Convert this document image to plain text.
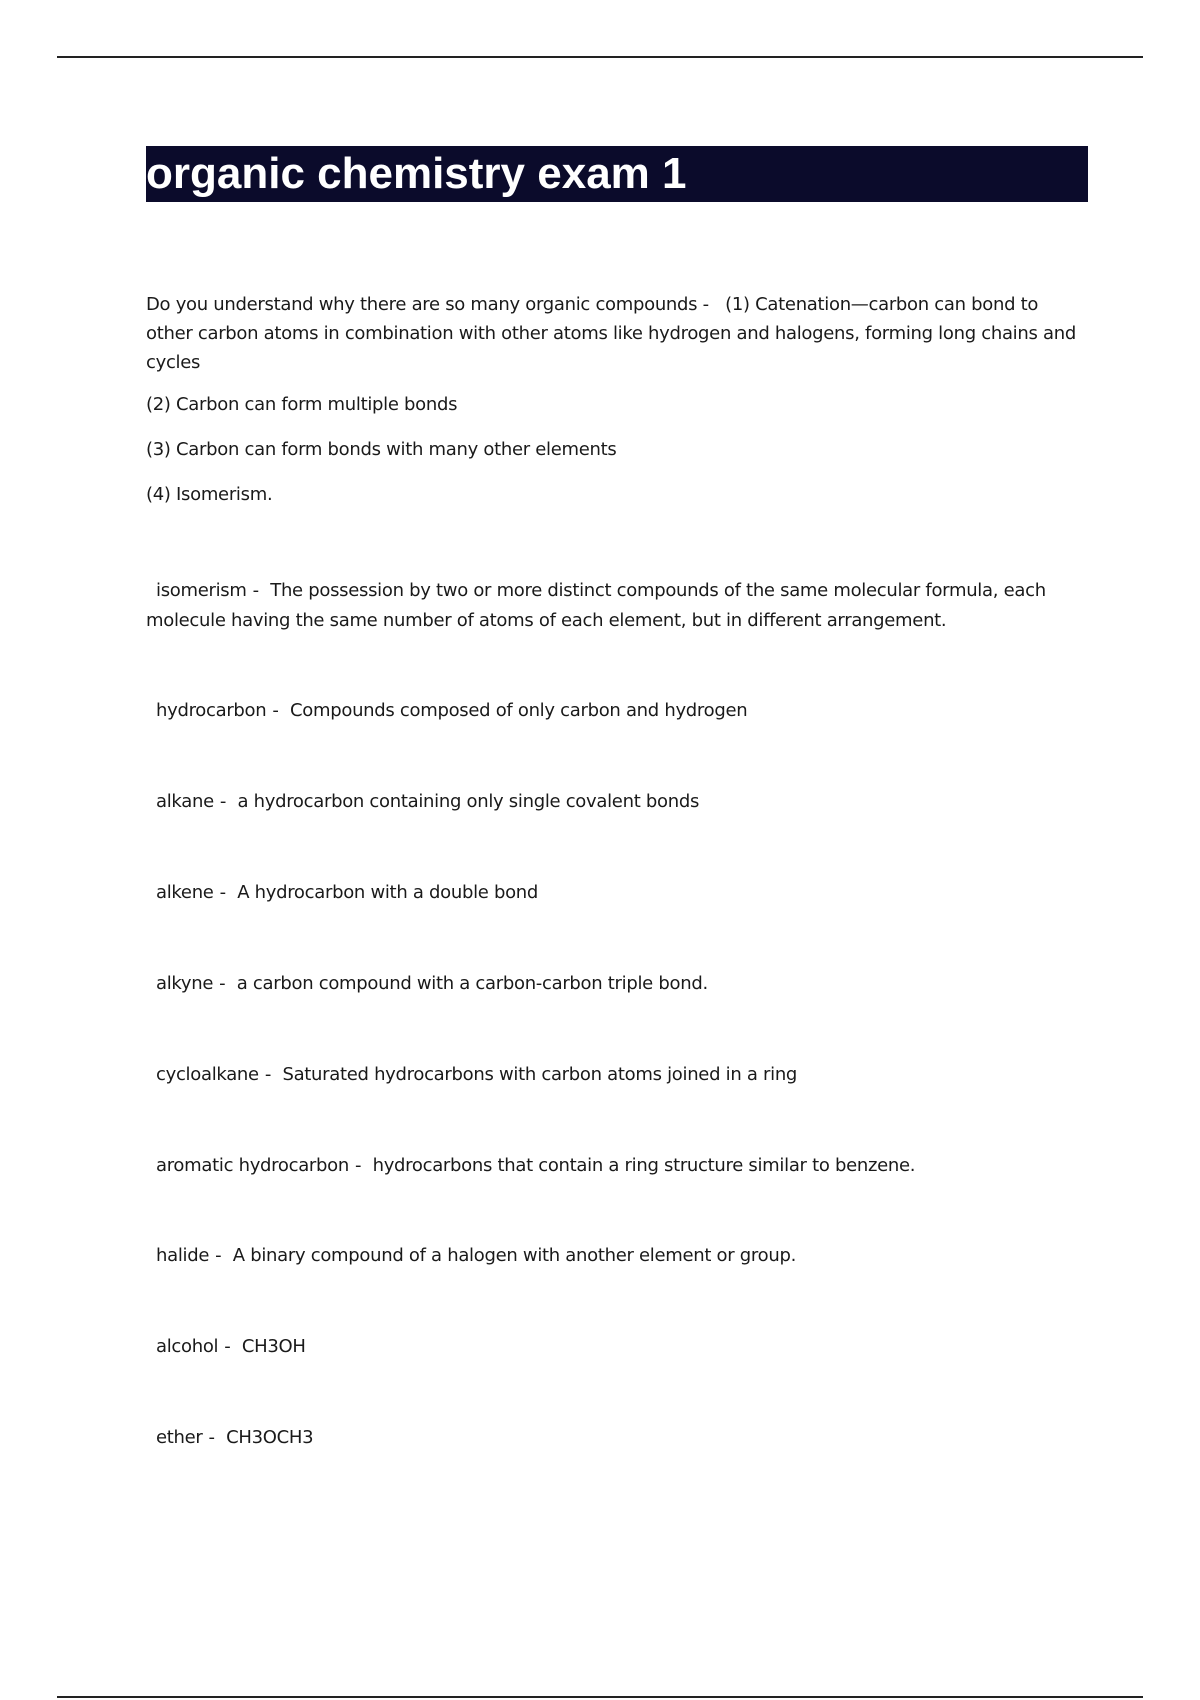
organic chemistry exam 1

Do you understand why there are so many organic compounds - (1) Catenation—carbon can bond to other carbon atoms in combination with other atoms like hydrogen and halogens, forming long chains and cycles

(2) Carbon can form multiple bonds

(3) Carbon can form bonds with many other elements

(4) Isomerism.

isomerism - The possession by two or more distinct compounds of the same molecular formula, each molecule having the same number of atoms of each element, but in different arrangement.
hydrocarbon - Compounds composed of only carbon and hydrogen
alkane - a hydrocarbon containing only single covalent bonds
alkene - A hydrocarbon with a double bond
alkyne - a carbon compound with a carbon-carbon triple bond.
cycloalkane - Saturated hydrocarbons with carbon atoms joined in a ring
aromatic hydrocarbon - hydrocarbons that contain a ring structure similar to benzene.
halide - A binary compound of a halogen with another element or group.
alcohol - CH3OH
ether - CH3OCH3
